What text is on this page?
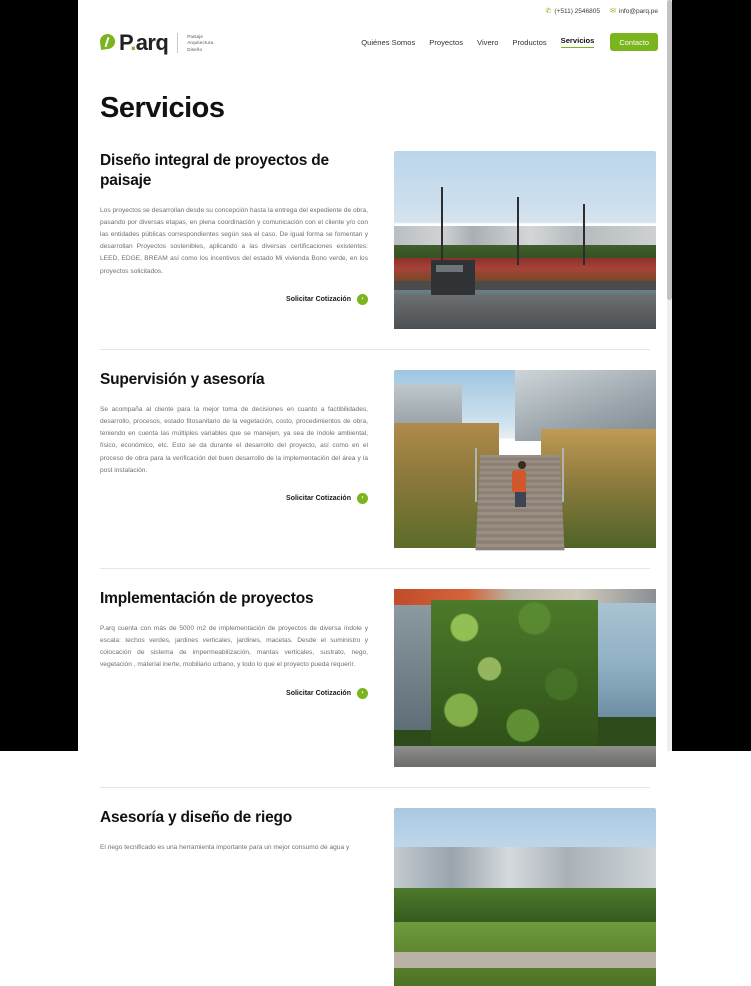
✆ (+511) 2546805 ✉ info@parq.pe
P.arq	Paisaje
Arquitectura.
Diseño
Quiénes Somos Proyectos Vivero Productos Servicios	Contacto
Servicios
Diseño integral de proyectos de paisaje

Los proyectos se desarrollan desde su concepción hasta la entrega del expediente de obra, pasando por diversas etapas, en plena coordinación y comunicación con el cliente y/o con las entidades públicas correspondientes según sea el caso. De igual forma se fomentan y desarrollan Proyectos sostenibles, aplicando a las diversas certificaciones existentes: LEED, EDGE, BREAM así como los incentivos del estado Mi vivienda Bono verde, en los proyectos solicitados.

Solicitar Cotización	›
Supervisión y asesoría

Se acompaña al cliente para la mejor toma de decisiones en cuanto a factibilidades, desarrollo, procesos, estado fitosanitario de la vegetación, costo, procedimientos de obra, teniendo en cuenta las múltiples variables que se manejen, ya sea de índole ambiental, físico, económico, etc. Esto se da durante el desarrollo del proyecto, así como en el proceso de obra para la verificación del buen desarrollo de la implementación del área y la post instalación.

Solicitar Cotización	›
Implementación de proyectos

P.arq cuenta con más de 5000 m2 de implementación de proyectos de diversa índole y escala: techos verdes, jardines verticales, jardines, macetas. Desde el suministro y colocación de sistema de impermeabilización, mantas verticales, sustrato, nego, vegetación , material inerte, mobiliario urbano, y todo lo que el proyecto pueda requerir.

Solicitar Cotización	›
Asesoría y diseño de riego

El riego tecnificado es una herramienta importante para un mejor consumo de agua y
